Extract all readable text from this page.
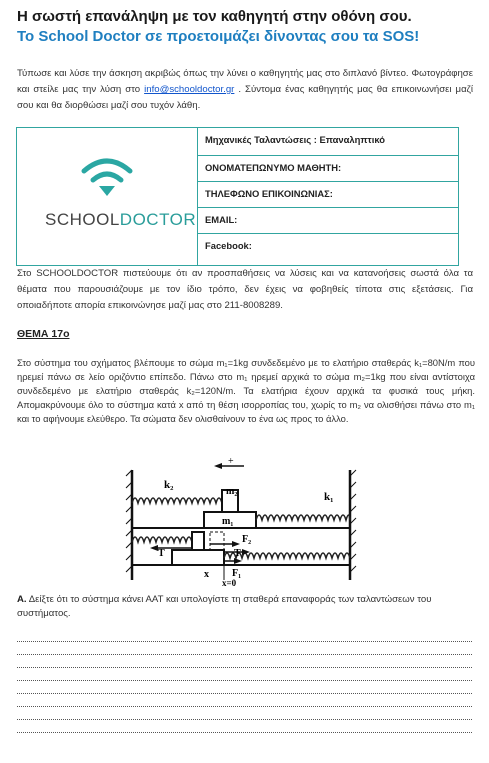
Η σωστή επανάληψη με τον καθηγητή στην οθόνη σου.
Το School Doctor σε προετοιμάζει δίνοντας σου τα SOS!
Τύπωσε και λύσε την άσκηση ακριβώς όπως την λύνει ο καθηγητής μας στο διπλανό βίντεο. Φωτογράφησε και στείλε μας την λύση στο info@schooldoctor.gr . Σύντομα ένας καθηγητής μας θα επικοινωνήσει μαζί σου και θα διορθώσει μαζί σου τυχόν λάθη.
SCHOOLDOCTOR
Μηχανικές Ταλαντώσεις : Επαναληπτικό
ΟΝΟΜΑΤΕΠΩΝΥΜΟ ΜΑΘΗΤΗ:
ΤΗΛΕΦΩΝΟ ΕΠΙΚΟΙΝΩΝΙΑΣ:
EMAIL:
Facebook:
Στο SCHOOLDOCTOR πιστεύουμε ότι αν προσπαθήσεις να λύσεις και να κατανοήσεις σωστά όλα τα θέματα που παρουσιάζουμε με τον ίδιο τρόπο, δεν έχεις να φοβηθείς τίποτα στις εξετάσεις. Για οποιαδήποτε απορία επικοινώνησε μαζί μας στο 211-8008289.
ΘΕΜΑ 17ο
Στο σύστημα του σχήματος βλέπουμε το σώμα m₁=1kg συνδεδεμένο με το ελατήριο σταθεράς k₁=80N/m που ηρεμεί πάνω σε λείο οριζόντιο επίπεδο. Πάνω στο m₁ ηρεμεί αρχικά το σώμα m₂=1kg που είναι αντίστοιχα συνδεδεμένο με ελατήριο σταθεράς k₂=120N/m. Τα ελατήρια έχουν αρχικά τα φυσικά τους μήκη. Απομακρύνουμε όλο το σύστημα κατά x από τη θέση ισορροπίας του, χωρίς το m₂ να ολισθήσει πάνω στο m₁ και το αφήνουμε ελεύθερο. Τα σώματα δεν ολισθαίνουν το ένα ως προς το άλλο.
+
k₂
m₂
m₁
k₁
F₂
T	T
F₁
x
x=0
Α. Δείξτε ότι το σύστημα κάνει ΑΑΤ και υπολογίστε τη σταθερά επαναφοράς των ταλαντώσεων του συστήματος.
